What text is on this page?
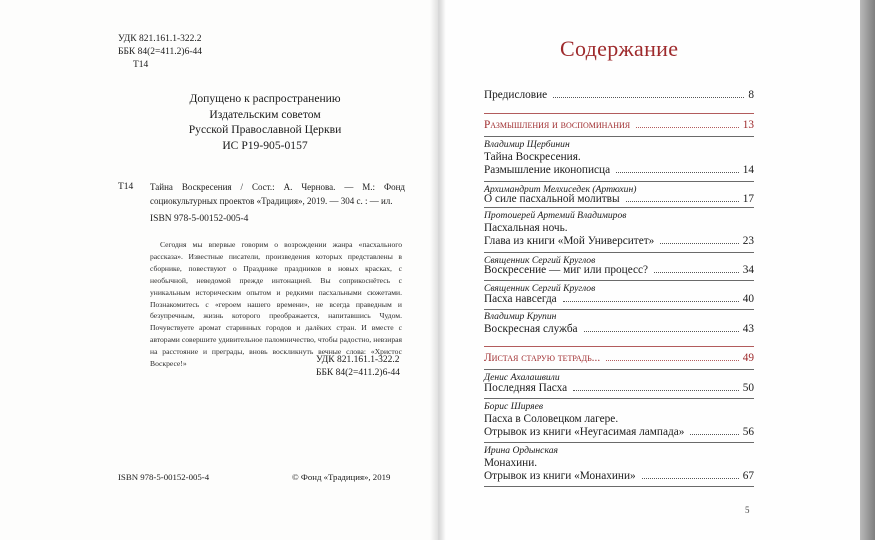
УДК 821.161.1-322.2
ББК 84(2=411.2)6-44
Т14
Допущено к распространению
Издательским советом
Русской Православной Церкви
ИС Р19-905-0157
Т14 Тайна Воскресения / Сост.: А. Чернова. — М.: Фонд социокультурных проектов «Традиция», 2019. — 304 с. : — ил.
ISBN 978-5-00152-005-4
Сегодня мы впервые говорим о возрождении жанра «пасхального рассказа». Известные писатели, произведения которых представлены в сборнике, повествуют о Празднике праздников в новых красках, с необычной, неведомой прежде интонацией. Вы соприкоснётесь с уникальным историческим опытом и редкими пасхальными сюжетами. Познакомитесь с «героем нашего времени», не всегда праведным и безупречным, жизнь которого преображается, напитавшись Чудом. Почувствуете аромат старинных городов и далёких стран. И вместе с авторами совершите удивительное паломничество, чтобы радостно, невзирая на расстояние и преграды, вновь воскликнуть вечные слова: «Христос Воскресе!»	УДК 821.161.1-322.2
ББК 84(2=411.2)6-44
ISBN 978-5-00152-005-4	© Фонд «Традиция», 2019
Содержание
Предисловие	8
Размышления и воспоминания	13
Владимир Щербинин
Тайна Воскресения.
Размышление иконописца	14
Архимандрит Мелхиседек (Артюхин)
О силе пасхальной молитвы	17
Протоиерей Артемий Владимиров
Пасхальная ночь.
Глава из книги «Мой Университет»	23
Священник Сергий Круглов
Воскресение — миг или процесс?	34
Священник Сергий Круглов
Пасха навсегда	40
Владимир Крупин
Воскресная служба	43
Листая старую тетрадь...	49
Денис Ахалашвили
Последняя Пасха	50
Борис Ширяев
Пасха в Соловецком лагере.
Отрывок из книги «Неугасимая лампада»	56
Ирина Ордынская
Монахини.
Отрывок из книги «Монахини»	67
5
